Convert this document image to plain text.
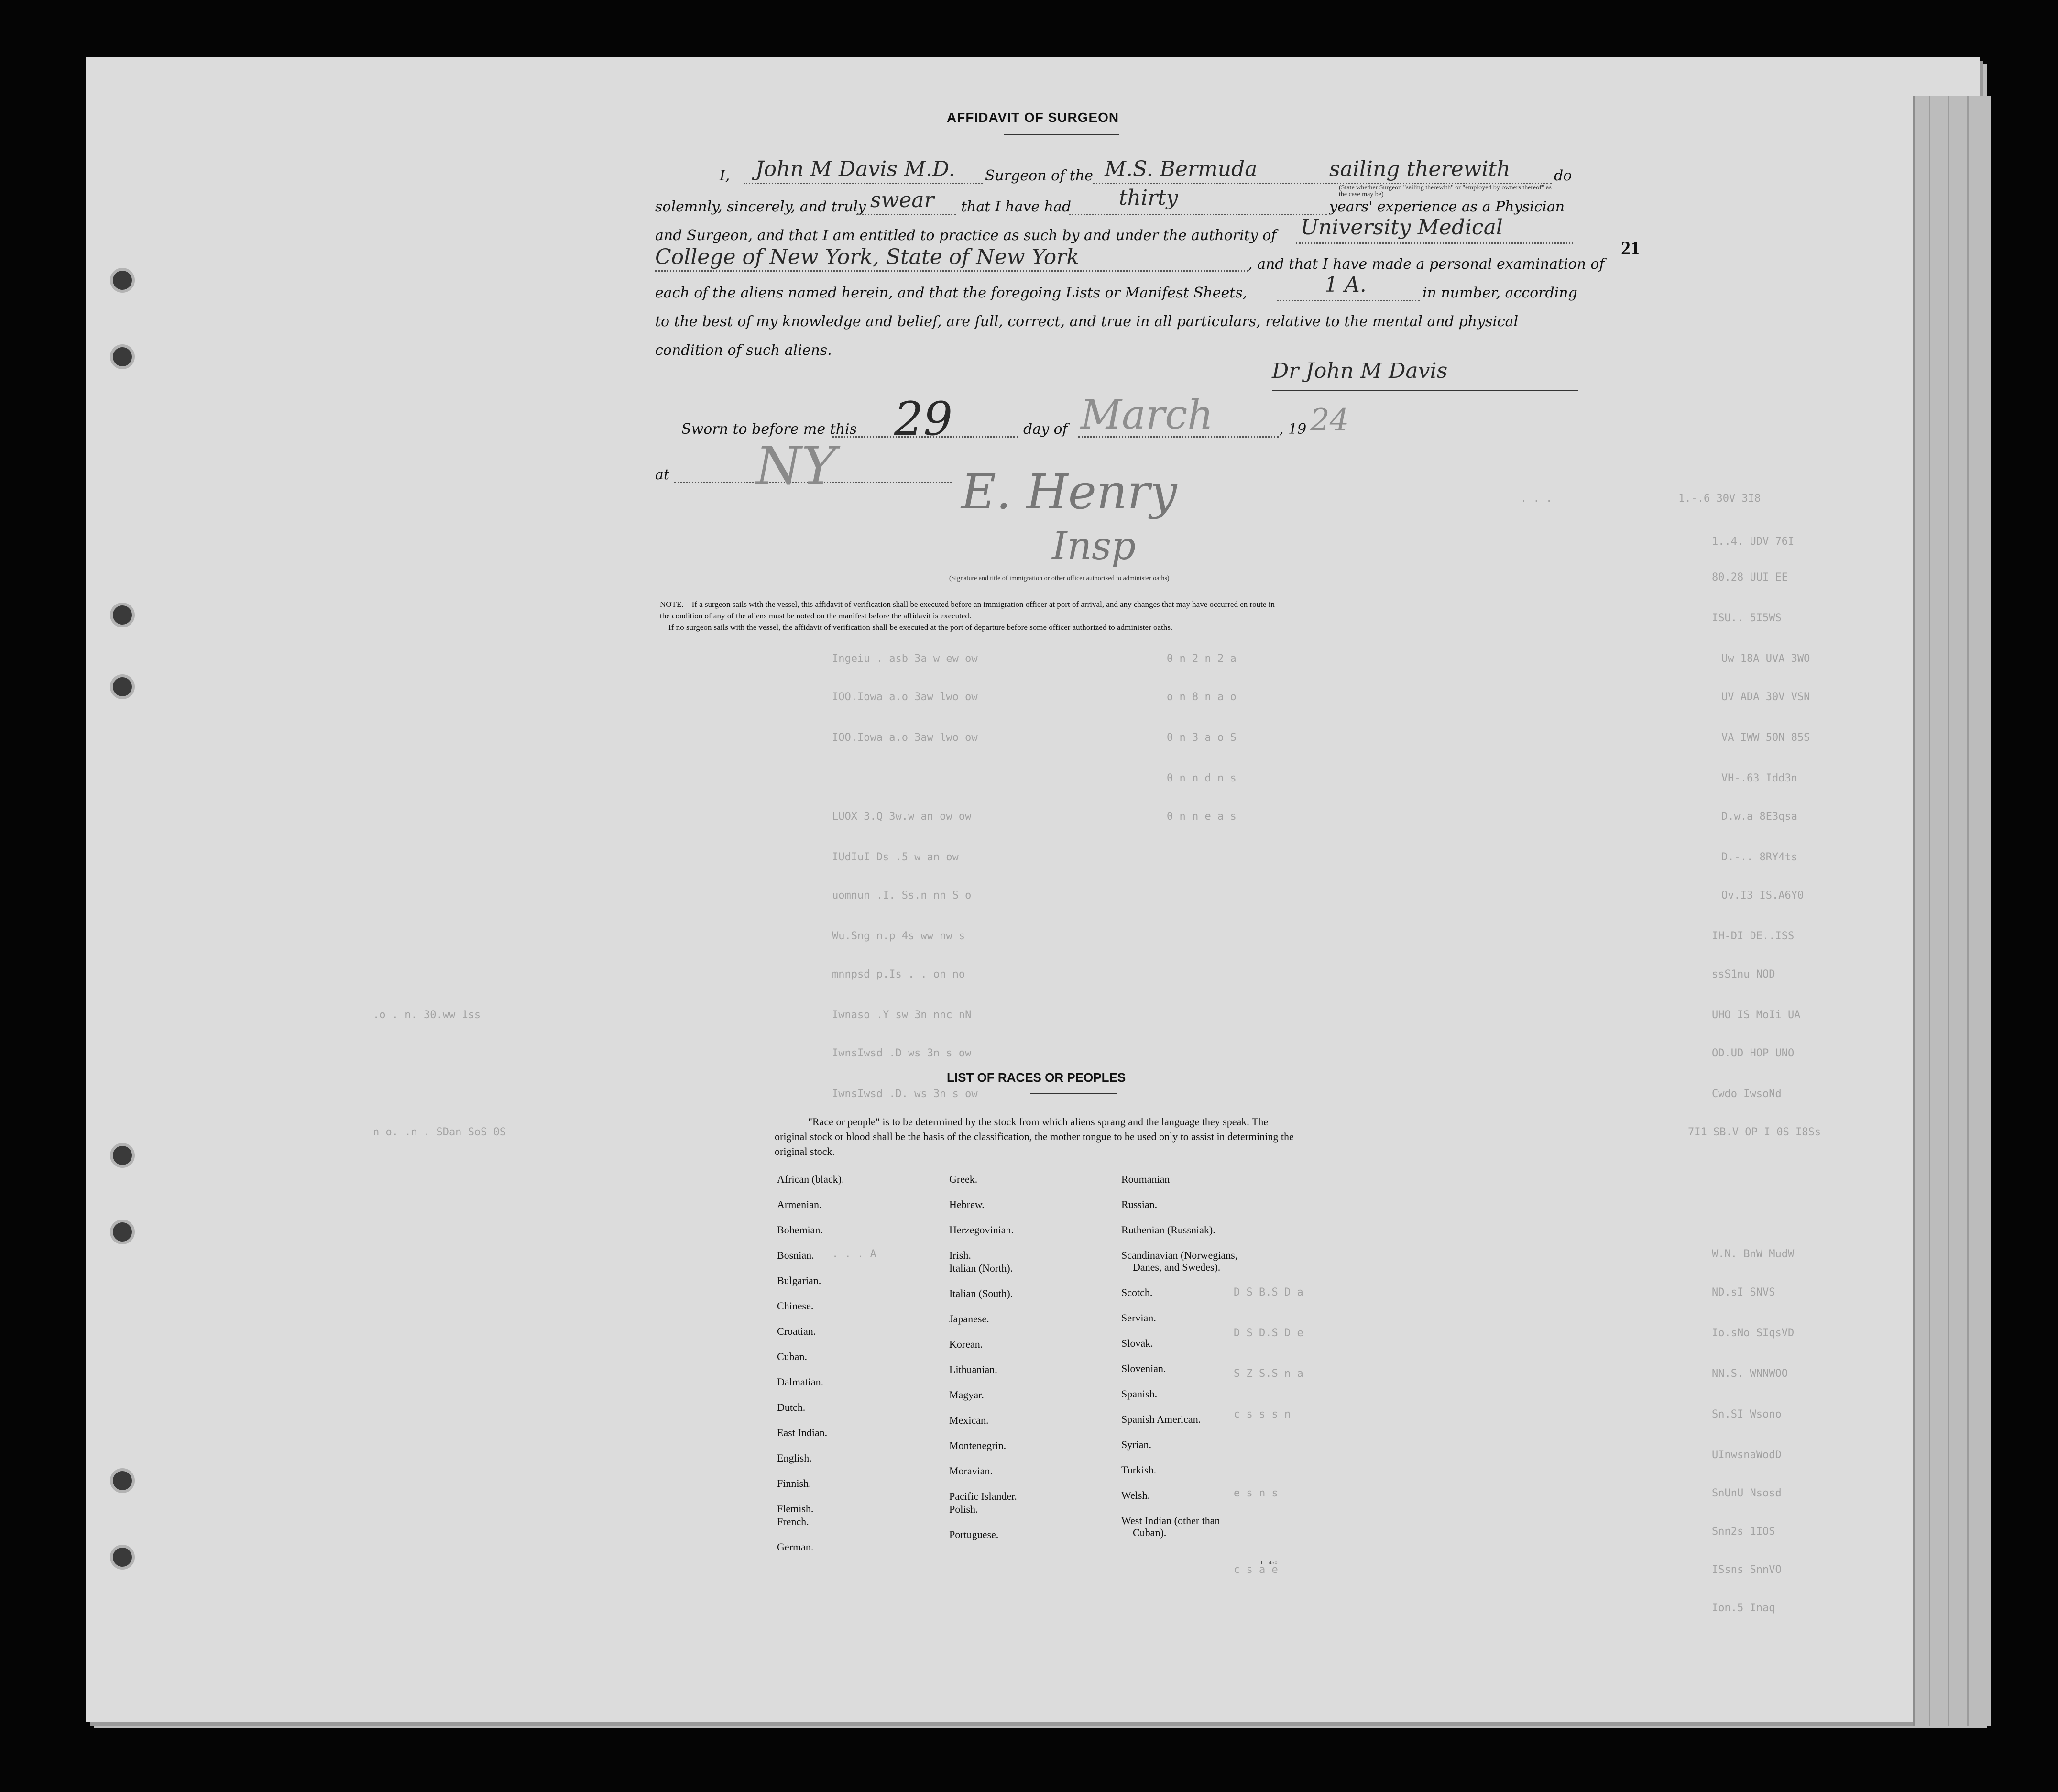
21
1.-.6 30V 3I8
1..4. UDV 76I
80.28 UUI EE
ISU.. 5I5WS
Uw 18A UVA 3WO
UV ADA 30V VSN
VA IWW 50N 85S
VH-.63 Idd3n
D.w.a 8E3qsa
D.-.. 8RY4ts
Ov.I3 IS.A6Y0
IH-DI DE..ISS
ssS1nu NOD
UHO IS MoIi UA
OD.UD HOP UNO
Cwdo IwsoNd
W.N. BnW MudW
ND.sI SNVS
Io.sNo SIqsVD
NN.S. WNNWOO
Sn.SI Wsono
UInwsnaWodD
SnUnU Nsosd
Snn2s 1IOS
ISsns SnnVO
Ion.5 Inaq
7I1 SB.V OP I 0S I8Ss
. . .
0 n 2 n 2 a
o n 8 n a o
0 n 3 a o S
0 n n d n s
0 n n e a s
Ingeiu . asb 3a w ew ow
IOO.Iowa a.o 3aw lwo ow
IOO.Iowa a.o 3aw lwo ow
LUOX 3.Q 3w.w an ow ow
IUdIuI Ds .5 w an ow
uomnun .I. Ss.n nn S o
Wu.Sng n.p 4s ww nw s
mnnpsd p.Is . . on no
Iwnaso .Y sw 3n nnc nN
IwnsIwsd .D ws 3n s ow
IwnsIwsd .D. ws 3n s ow
.o . n. 30.ww 1ss
n o. .n . SDan SoS 0S
. . . A
D S B.S D a
D S D.S D e
S Z S.S n a
c s s s n
e s n s
c s a e
AFFIDAVIT OF SURGEON
I, John M Davis M.D. Surgeon of the M.S. Bermuda	sailing therewith	do
(State whether Surgeon "sailing therewith" or "employed by owners thereof" as the case may be)
solemnly, sincerely, and truly swear that I have had thirty	years' experience as a Physician
and Surgeon, and that I am entitled to practice as such by and under the authority of University Medical
College of New York, State of New York	, and that I have made a personal examination of
each of the aliens named herein, and that the foregoing Lists or Manifest Sheets,	1 A.	in number, according
to the best of my knowledge and belief, are full, correct, and true in all particulars, relative to the mental and physical
condition of such aliens.
Dr John M Davis
Sworn to before me this 29	day of March	, 19 24
at NY	E. Henry
Insp
(Signature and title of immigration or other officer authorized to administer oaths)
NOTE.—If a surgeon sails with the vessel, this affidavit of verification shall be executed before an immigration officer at port of arrival, and any changes that may have occurred en route in
the condition of any of the aliens must be noted on the manifest before the affidavit is executed.
If no surgeon sails with the vessel, the affidavit of verification shall be executed at the port of departure before some officer authorized to administer oaths.
LIST OF RACES OR PEOPLES
"Race or people" is to be determined by the stock from which aliens sprang and the language they speak. The original stock or blood shall be the basis of the classification, the mother tongue to be used only to assist in determining the original stock.
African (black).
Armenian.
Bohemian.
Bosnian.
Bulgarian.
Chinese.
Croatian.
Cuban.
Dalmatian.
Dutch.
East Indian.
English.
Finnish.
Flemish.
French.
German.
Greek.
Hebrew.
Herzegovinian.
Irish.
Italian (North).
Italian (South).
Japanese.
Korean.
Lithuanian.
Magyar.
Mexican.
Montenegrin.
Moravian.
Pacific Islander.
Polish.
Portuguese.
Roumanian
Russian.
Ruthenian (Russniak).
Scandinavian (Norwegians,
Danes, and Swedes).
Scotch.
Servian.
Slovak.
Slovenian.
Spanish.
Spanish American.
Syrian.
Turkish.
Welsh.
West Indian (other than
Cuban).
11—450
